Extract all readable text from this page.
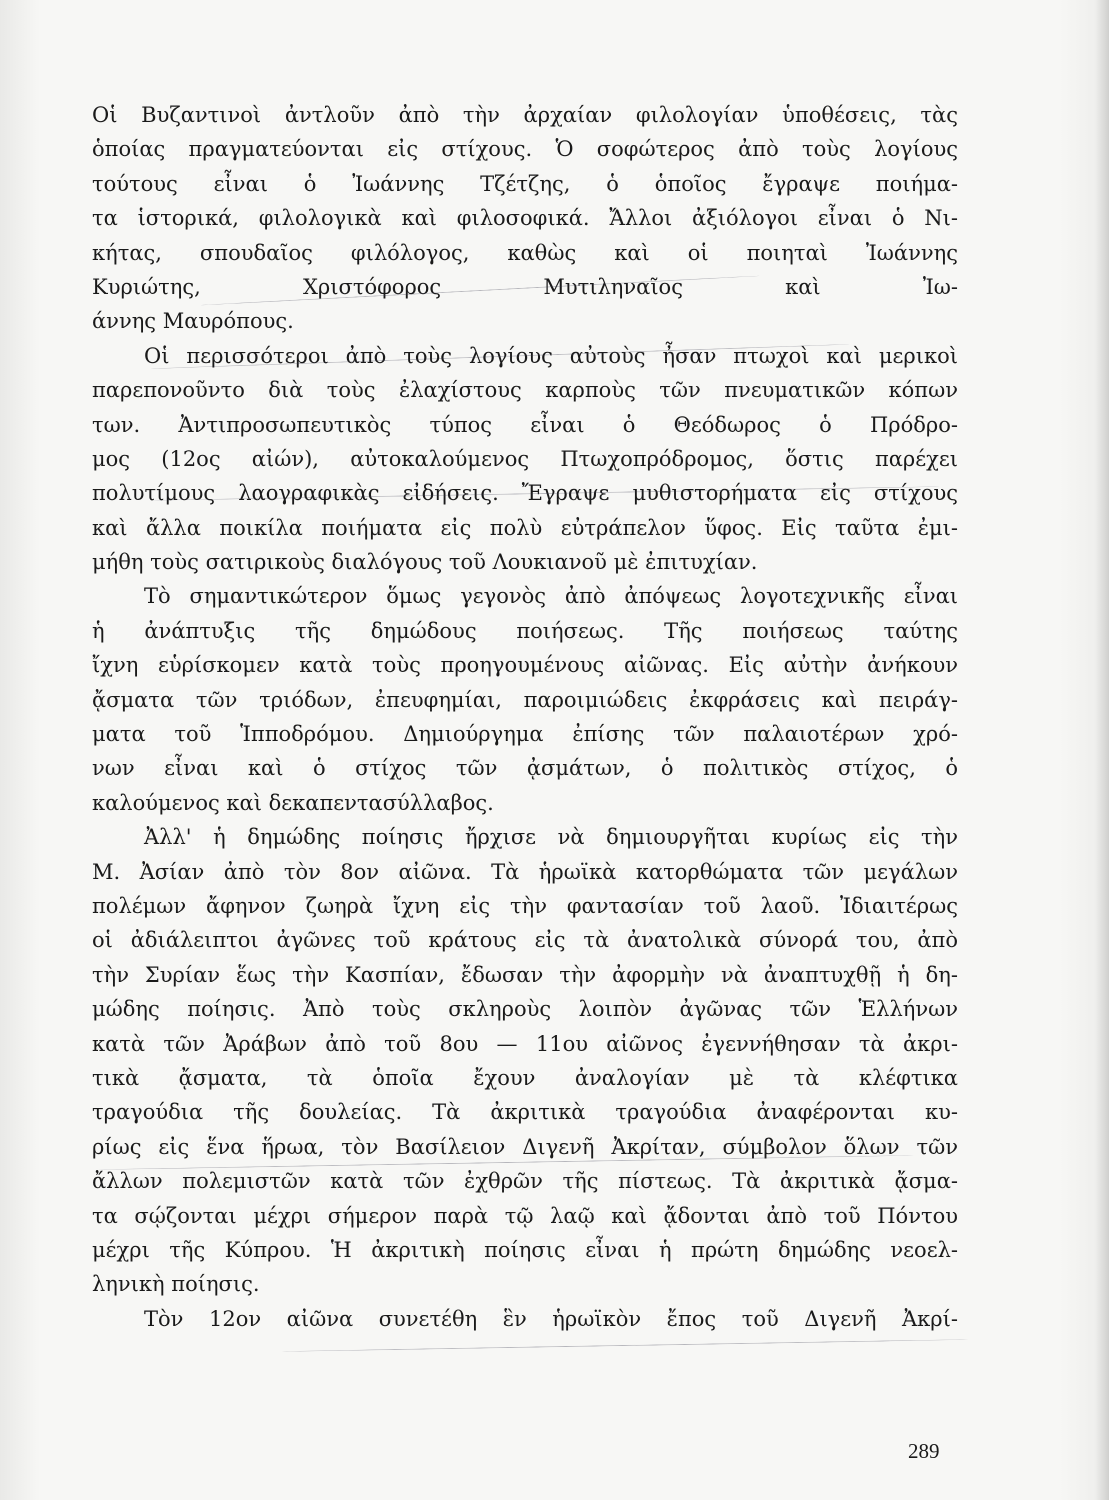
Οἱ Βυζαντινοὶ ἀντλοῦν ἀπὸ τὴν ἀρχαίαν φιλολογίαν ὑποθέσεις, τὰς
ὁποίας πραγματεύονται εἰς στίχους. Ὁ σοφώτερος ἀπὸ τοὺς λογίους
τούτους εἶναι ὁ Ἰωάννης Τζέτζης, ὁ ὁποῖος ἔγραψε ποιήμα-
τα ἱστορικά, φιλολογικὰ καὶ φιλοσοφικά. Ἄλλοι ἀξιόλογοι εἶναι ὁ Νι-
κήτας, σπουδαῖος φιλόλογος, καθὼς καὶ οἱ ποιηταὶ Ἰωάννης
Κυριώτης, Χριστόφορος Μυτιληναῖος καὶ Ἰω-
άννης Μαυρόπους.
Οἱ περισσότεροι ἀπὸ τοὺς λογίους αὐτοὺς ἦσαν πτωχοὶ καὶ μερικοὶ
παρεπονοῦντο διὰ τοὺς ἐλαχίστους καρποὺς τῶν πνευματικῶν κόπων
των. Ἀντιπροσωπευτικὸς τύπος εἶναι ὁ Θεόδωρος ὁ Πρόδρο-
μος (12ος αἰών), αὐτοκαλούμενος Πτωχοπρόδρομος, ὅστις παρέχει
πολυτίμους λαογραφικὰς εἰδήσεις. Ἔγραψε μυθιστορήματα εἰς στίχους
καὶ ἄλλα ποικίλα ποιήματα εἰς πολὺ εὐτράπελον ὕφος. Εἰς ταῦτα ἐμι-
μήθη τοὺς σατιρικοὺς διαλόγους τοῦ Λουκιανοῦ μὲ ἐπιτυχίαν.
Τὸ σημαντικώτερον ὅμως γεγονὸς ἀπὸ ἀπόψεως λογοτεχνικῆς εἶναι
ἡ ἀνάπτυξις τῆς δημώδους ποιήσεως. Τῆς ποιήσεως ταύτης
ἴχνη εὑρίσκομεν κατὰ τοὺς προηγουμένους αἰῶνας. Εἰς αὐτὴν ἀνήκουν
ᾄσματα τῶν τριόδων, ἐπευφημίαι, παροιμιώδεις ἐκφράσεις καὶ πειράγ-
ματα τοῦ Ἱπποδρόμου. Δημιούργημα ἐπίσης τῶν παλαιοτέρων χρό-
νων εἶναι καὶ ὁ στίχος τῶν ᾀσμάτων, ὁ πολιτικὸς στίχος, ὁ
καλούμενος καὶ δεκαπεντασύλλαβος.
Ἀλλ' ἡ δημώδης ποίησις ἤρχισε νὰ δημιουργῆται κυρίως εἰς τὴν
Μ. Ἀσίαν ἀπὸ τὸν 8ον αἰῶνα. Τὰ ἡρωϊκὰ κατορθώματα τῶν μεγάλων
πολέμων ἄφηνον ζωηρὰ ἴχνη εἰς τὴν φαντασίαν τοῦ λαοῦ. Ἰδιαιτέρως
οἱ ἀδιάλειπτοι ἀγῶνες τοῦ κράτους εἰς τὰ ἀνατολικὰ σύνορά του, ἀπὸ
τὴν Συρίαν ἕως τὴν Κασπίαν, ἔδωσαν τὴν ἀφορμὴν νὰ ἀναπτυχθῇ ἡ δη-
μώδης ποίησις. Ἀπὸ τοὺς σκληροὺς λοιπὸν ἀγῶνας τῶν Ἑλλήνων
κατὰ τῶν Ἀράβων ἀπὸ τοῦ 8ου — 11ου αἰῶνος ἐγεννήθησαν τὰ ἀκρι-
τικὰ ᾄσματα, τὰ ὁποῖα ἔχουν ἀναλογίαν μὲ τὰ κλέφτικα
τραγούδια τῆς δουλείας. Τὰ ἀκριτικὰ τραγούδια ἀναφέρονται κυ-
ρίως εἰς ἕνα ἥρωα, τὸν Βασίλειον Διγενῆ Ἀκρίταν, σύμβολον ὅλων τῶν
ἄλλων πολεμιστῶν κατὰ τῶν ἐχθρῶν τῆς πίστεως. Τὰ ἀκριτικὰ ᾄσμα-
τα σῴζονται μέχρι σήμερον παρὰ τῷ λαῷ καὶ ᾄδονται ἀπὸ τοῦ Πόντου
μέχρι τῆς Κύπρου. Ἡ ἀκριτικὴ ποίησις εἶναι ἡ πρώτη δημώδης νεοελ-
ληνικὴ ποίησις.
Τὸν 12ον αἰῶνα συνετέθη ἓν ἡρωϊκὸν ἔπος τοῦ Διγενῆ Ἀκρί-
289
